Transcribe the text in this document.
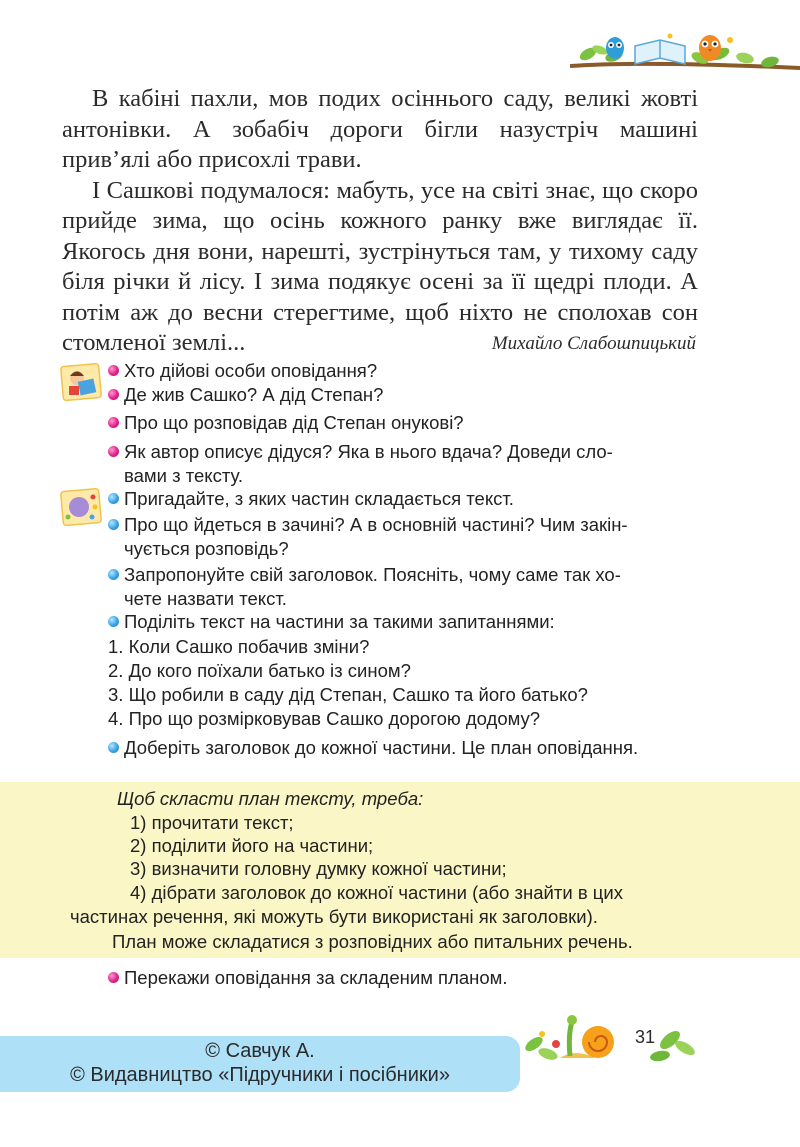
В кабіні пахли, мов подих осіннього саду, великі жовті антонівки. А зобабіч дороги бігли назустріч машині прив’ялі або присохлі трави.

І Сашкові подумалося: мабуть, усе на світі знає, що скоро прийде зима, що осінь кожного ранку вже виглядає її. Якогось дня вони, нарешті, зустрінуться там, у тихому саду біля річки й лісу. І зима подякує осені за її щедрі плоди. А потім аж до весни стерегтиме, щоб ніхто не сполохав сон стомленої землі...	Михайло Слабошпицький
Хто дійові особи оповідання?
Де жив Сашко? А дід Степан?
Про що розповідав дід Степан онукові?
Як автор описує дідуся? Яка в нього вдача? Доведи сло-
вами з тексту.
Пригадайте, з яких частин складається текст.
Про що йдеться в зачині? А в основній частині? Чим закін-
чується розповідь?
Запропонуйте свій заголовок. Поясніть, чому саме так хо-
чете назвати текст.
Поділіть текст на частини за такими запитаннями:
1. Коли Сашко побачив зміни?
2. До кого поїхали батько із сином?
3. Що робили в саду дід Степан, Сашко та його батько?
4. Про що розмірковував Сашко дорогою додому?
Доберіть заголовок до кожної частини. Це план оповідання.
Щоб скласти план тексту, треба:
1) прочитати текст;
2) поділити його на частини;
3) визначити головну думку кожної частини;
4) дібрати заголовок до кожної частини (або знайти в цих
частинах речення, які можуть бути використані як заголовки).
План може складатися з розповідних або питальних речень.
Перекажи оповідання за складеним планом.
© Савчук А.
© Видавництво «Підручники і посібники»
31
